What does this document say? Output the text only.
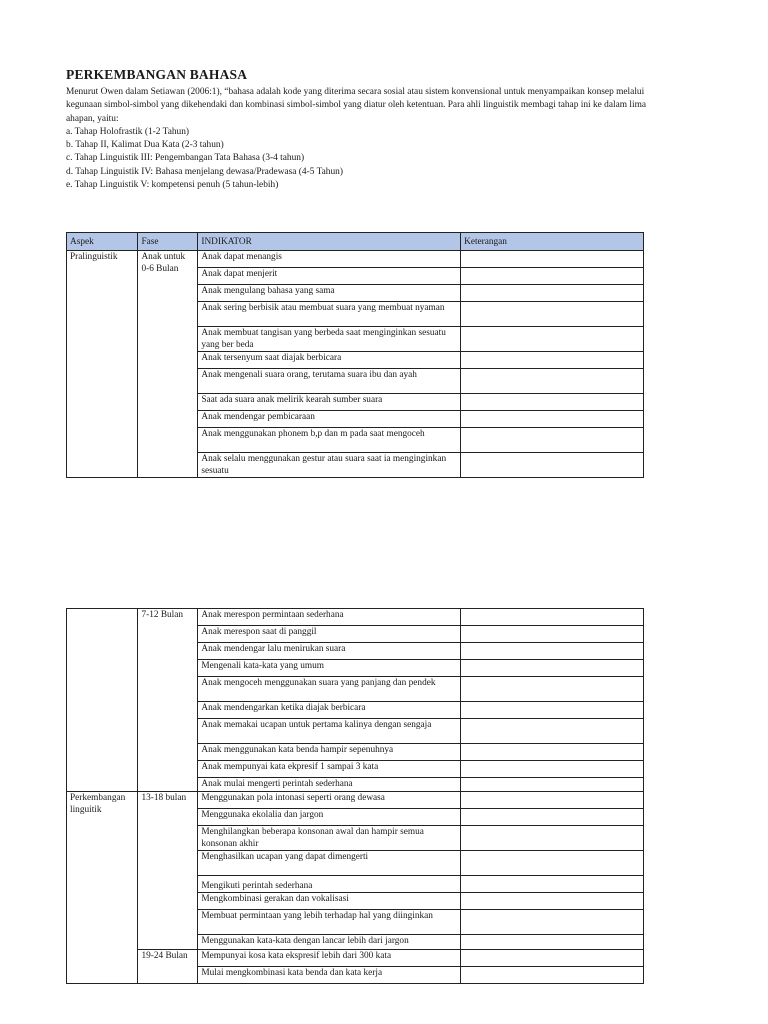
PERKEMBANGAN BAHASA

Menurut Owen dalam Setiawan (2006:1), “bahasa adalah kode yang diterima secara sosial atau sistem konvensional untuk menyampaikan konsep melalui kegunaan simbol-simbol yang dikehendaki dan kombinasi simbol-simbol yang diatur oleh ketentuan. Para ahli linguistik membagi tahap ini ke dalam lima ahapan, yaitu:

a. Tahap Holofrastik (1-2 Tahun)
b. Tahap II, Kalimat Dua Kata (2-3 tahun)
c. Tahap Linguistik III: Pengembangan Tata Bahasa (3-4 tahun)
d. Tahap Linguistik IV: Bahasa menjelang dewasa/Pradewasa (4-5 Tahun)
e. Tahap Linguistik V: kompetensi penuh (5 tahun-lebih)
Aspek	Fase	INDIKATOR	Keterangan
Pralinguistik	Anak untuk 0-6 Bulan	Anak dapat menangis	
		Anak dapat menjerit	
		Anak mengulang bahasa yang sama	
		Anak sering berbisik atau membuat suara yang membuat nyaman	
		Anak membuat tangisan yang berbeda saat menginginkan sesuatu yang ber beda	
		Anak tersenyum saat diajak berbicara	
		Anak mengenali suara orang, terutama suara ibu dan ayah	
		Saat ada suara anak melirik kearah sumber suara	
		Anak mendengar pembicaraan	
		Anak menggunakan phonem b,p dan m pada saat mengoceh	
		Anak selalu menggunakan gestur atau suara saat ia menginginkan sesuatu	
	7-12 Bulan	Anak merespon permintaan sederhana	
		Anak merespon saat di panggil	
		Anak mendengar lalu menirukan suara	
		Mengenali kata-kata yang umum	
		Anak mengoceh menggunakan suara yang panjang dan pendek	
		Anak mendengarkan ketika diajak berbicara	
		Anak memakai ucapan untuk pertama kalinya dengan sengaja	
		Anak menggunakan kata benda hampir sepenuhnya	
		Anak mempunyai kata ekpresif 1 sampai 3 kata	
		Anak mulai mengerti perintah sederhana	
Perkembangan linguitik	13-18 bulan	Menggunakan pola intonasi seperti orang dewasa	
		Menggunaka ekolalia dan jargon	
		Menghilangkan beberapa konsonan awal dan hampir semua konsonan akhir	
		Menghasilkan ucapan yang dapat dimengerti	
		Mengikuti perintah sederhana	
		Mengkombinasi gerakan dan vokalisasi	
		Membuat permintaan yang lebih terhadap hal yang diinginkan	
		Menggunakan kata-kata dengan lancar lebih dari jargon	
	19-24 Bulan	Mempunyai kosa kata ekspresif lebih dari 300 kata	
		Mulai mengkombinasi kata benda dan kata kerja	
